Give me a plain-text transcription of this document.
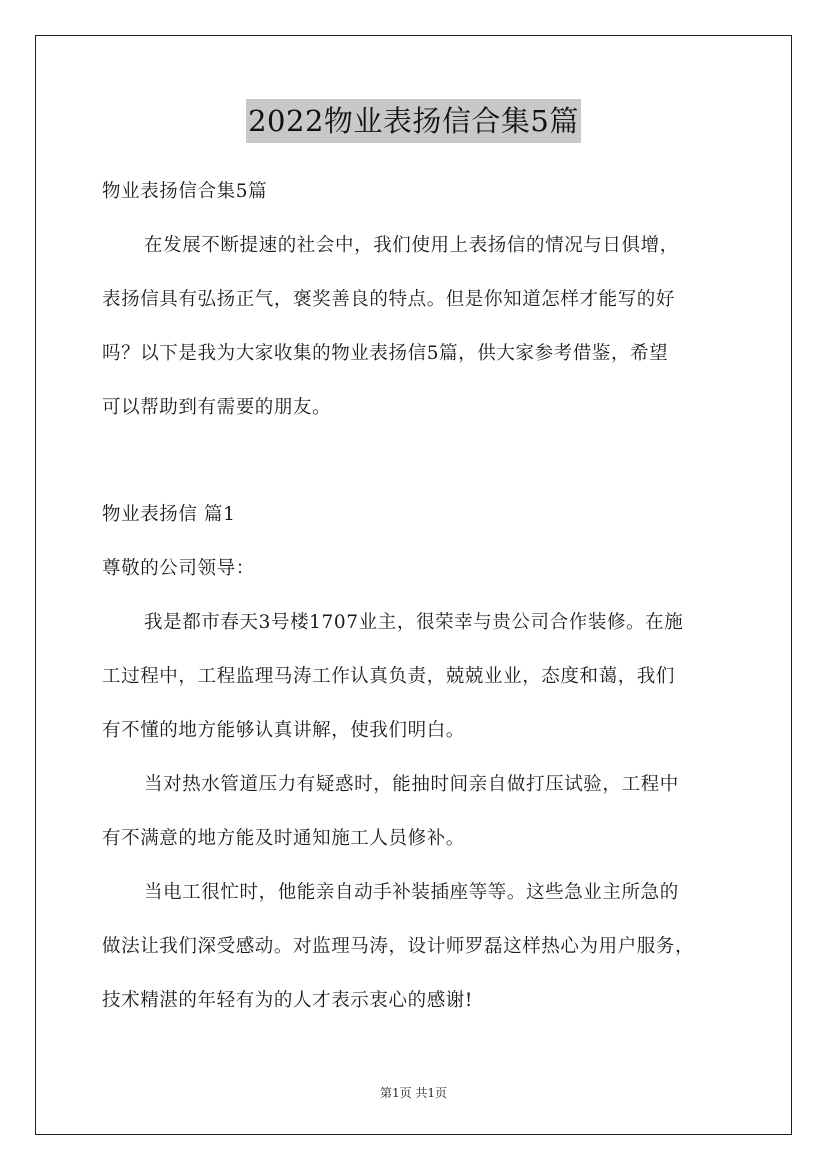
2022物业表扬信合集5篇
物业表扬信合集5篇
在发展不断提速的社会中，我们使用上表扬信的情况与日俱增，
表扬信具有弘扬正气，褒奖善良的特点。但是你知道怎样才能写的好
吗？以下是我为大家收集的物业表扬信5篇，供大家参考借鉴，希望
可以帮助到有需要的朋友。
物业表扬信 篇1
尊敬的公司领导：
我是都市春天3号楼1707业主，很荣幸与贵公司合作装修。在施
工过程中，工程监理马涛工作认真负责，兢兢业业，态度和蔼，我们
有不懂的地方能够认真讲解，使我们明白。
当对热水管道压力有疑惑时，能抽时间亲自做打压试验，工程中
有不满意的地方能及时通知施工人员修补。
当电工很忙时，他能亲自动手补装插座等等。这些急业主所急的
做法让我们深受感动。对监理马涛，设计师罗磊这样热心为用户服务，
技术精湛的年轻有为的人才表示衷心的感谢!
第1页 共1页
